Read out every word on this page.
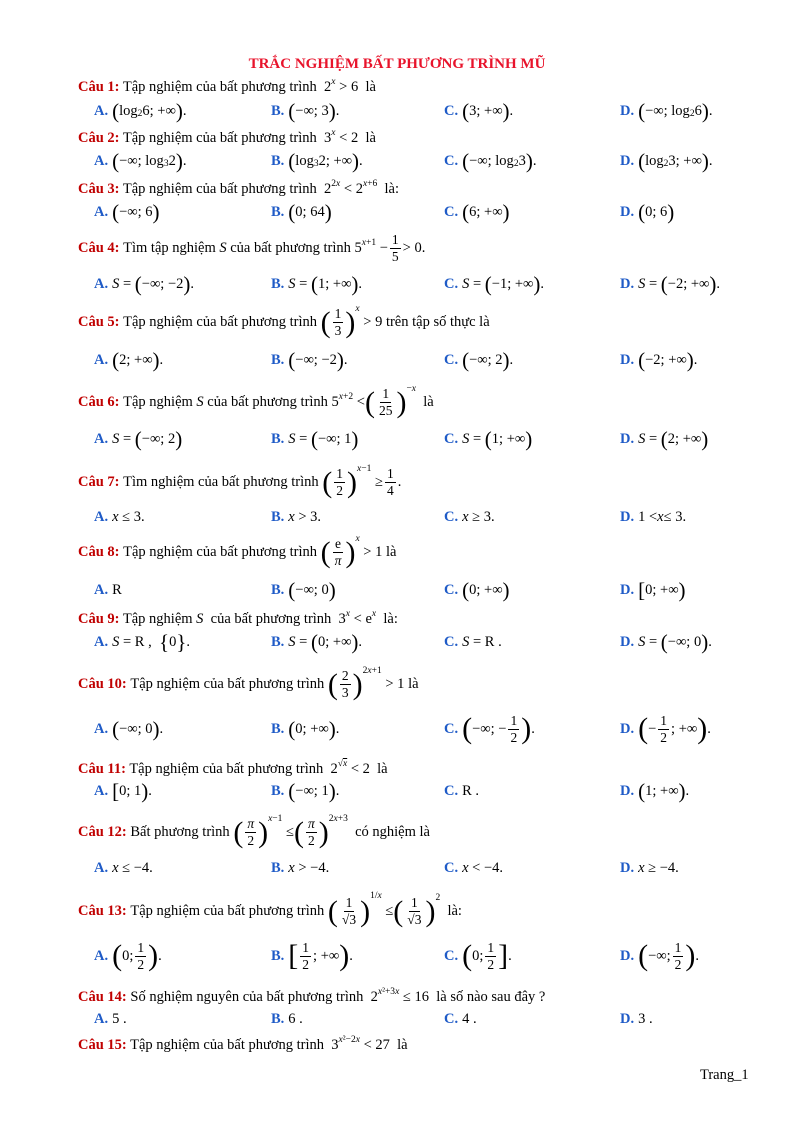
TRẮC NGHIỆM BẤT PHƯƠNG TRÌNH MŨ
Câu 1: Tập nghiệm của bất phương trình  2 x > 6  là
A. ( log 2 6; +∞ ) .	B. ( −∞; 3 ) .	C. ( 3; +∞ ) .	D. ( −∞; log 2 6 ) .
Câu 2: Tập nghiệm của bất phương trình  3 x < 2  là
A. ( −∞; log 3 2 ) .	B. ( log 3 2; +∞ ) .	C. ( −∞; log 2 3 ) .	D. ( log 2 3; +∞ ) .
Câu 3: Tập nghiệm của bất phương trình  2 2x < 2 x+6 là:
A. ( −∞; 6 )	B. ( 0; 64 )	C. ( 6; +∞ )	D. ( 0; 6 )
Câu 4:
Tìm tập nghiệm
S
của bất phương trình 5 $x+1 - \frac{1}{5} > 0$ .
A. S = ( −∞; −2 ) .	B. S = ( 1; +∞ ) .	C. S = ( −1; +∞ ) .	D. S = ( −2; +∞ ) .
Câu 5:
Tập nghiệm của bất phương trình
( $\frac{1}{3}$ ) x
> 9 trên tập số thực là
A. ( 2; +∞ ) .	B. ( −∞; −2 ) .	C. ( −∞; 2 ) .	D. ( −2; +∞ ) .
Câu 6:
Tập nghiệm
S
của bất phương trình 5 x+2 < ( $\frac{1}{25}$ ) −x

là
A. S = ( −∞; 2 )	B. S = ( −∞; 1 )	C. S = ( 1; +∞ )	D. S = ( 2; +∞ )
Câu 7:
Tìm nghiệm của bất phương trình
( $\frac{1}{2}$ ) x−1
≥ $\frac{1}{4}$ .
A. x ≤ 3.	B. x > 3.	C. x ≥ 3.	D. 1 < x ≤ 3.
Câu 8:
Tập nghiệm của bất phương trình
( $\frac{e}{\pi}$ ) x
> 1 là
A. R	B. ( −∞; 0 )	C. ( 0; +∞ )	D. [ 0; +∞ )
Câu 9: Tập nghiệm S của bất phương trình  3 x < e x là:
A. S = R , { 0 } .	B. S = ( 0; +∞ ) .	C. S = R .	D. S = ( −∞; 0 ) .
Câu 10:
Tập nghiệm của bất phương trình
( $\frac{2}{3}$ ) 2x+1
> 1 là
A. ( −∞; 0 ) .	B. ( 0; +∞ ) .	C. ( −∞; − $\frac{1}{2}$ ) .	D. ( − $\frac{1}{2}$ ; +∞ ) .
Câu 11: Tập nghiệm của bất phương trình  2 √x < 2  là
A. [ 0; 1 ) .	B. ( −∞; 1 ) .	C. R .	D. ( 1; +∞ ) .
Câu 12:
Bất phương trình
( $\frac{\pi}{2}$ ) x−1
≤ ( $\frac{\pi}{2}$ ) 2x+3

có nghiệm là
A. x ≤ −4.	B. x > −4.	C. x < −4.	D. x ≥ −4.
Câu 13:
Tập nghiệm của bất phương trình
( $\frac{1}{√3}$ ) 1/x
≤ ( $\frac{1}{√3}$ ) 2

là:
A. ( 0; $\frac{1}{2}$ ) .	B. [ $\frac{1}{2}$ ; +∞ ) .	C. ( 0; $\frac{1}{2}$ ] .	D. ( −∞; $\frac{1}{2}$ ) .
Câu 14: Số nghiệm nguyên của bất phương trình  2 x²+3x ≤ 16  là số nào sau đây ?
A. 5 .	B. 6 .	C. 4 .	D. 3 .
Câu 15: Tập nghiệm của bất phương trình  3 x²−2x < 27  là
Trang_1
